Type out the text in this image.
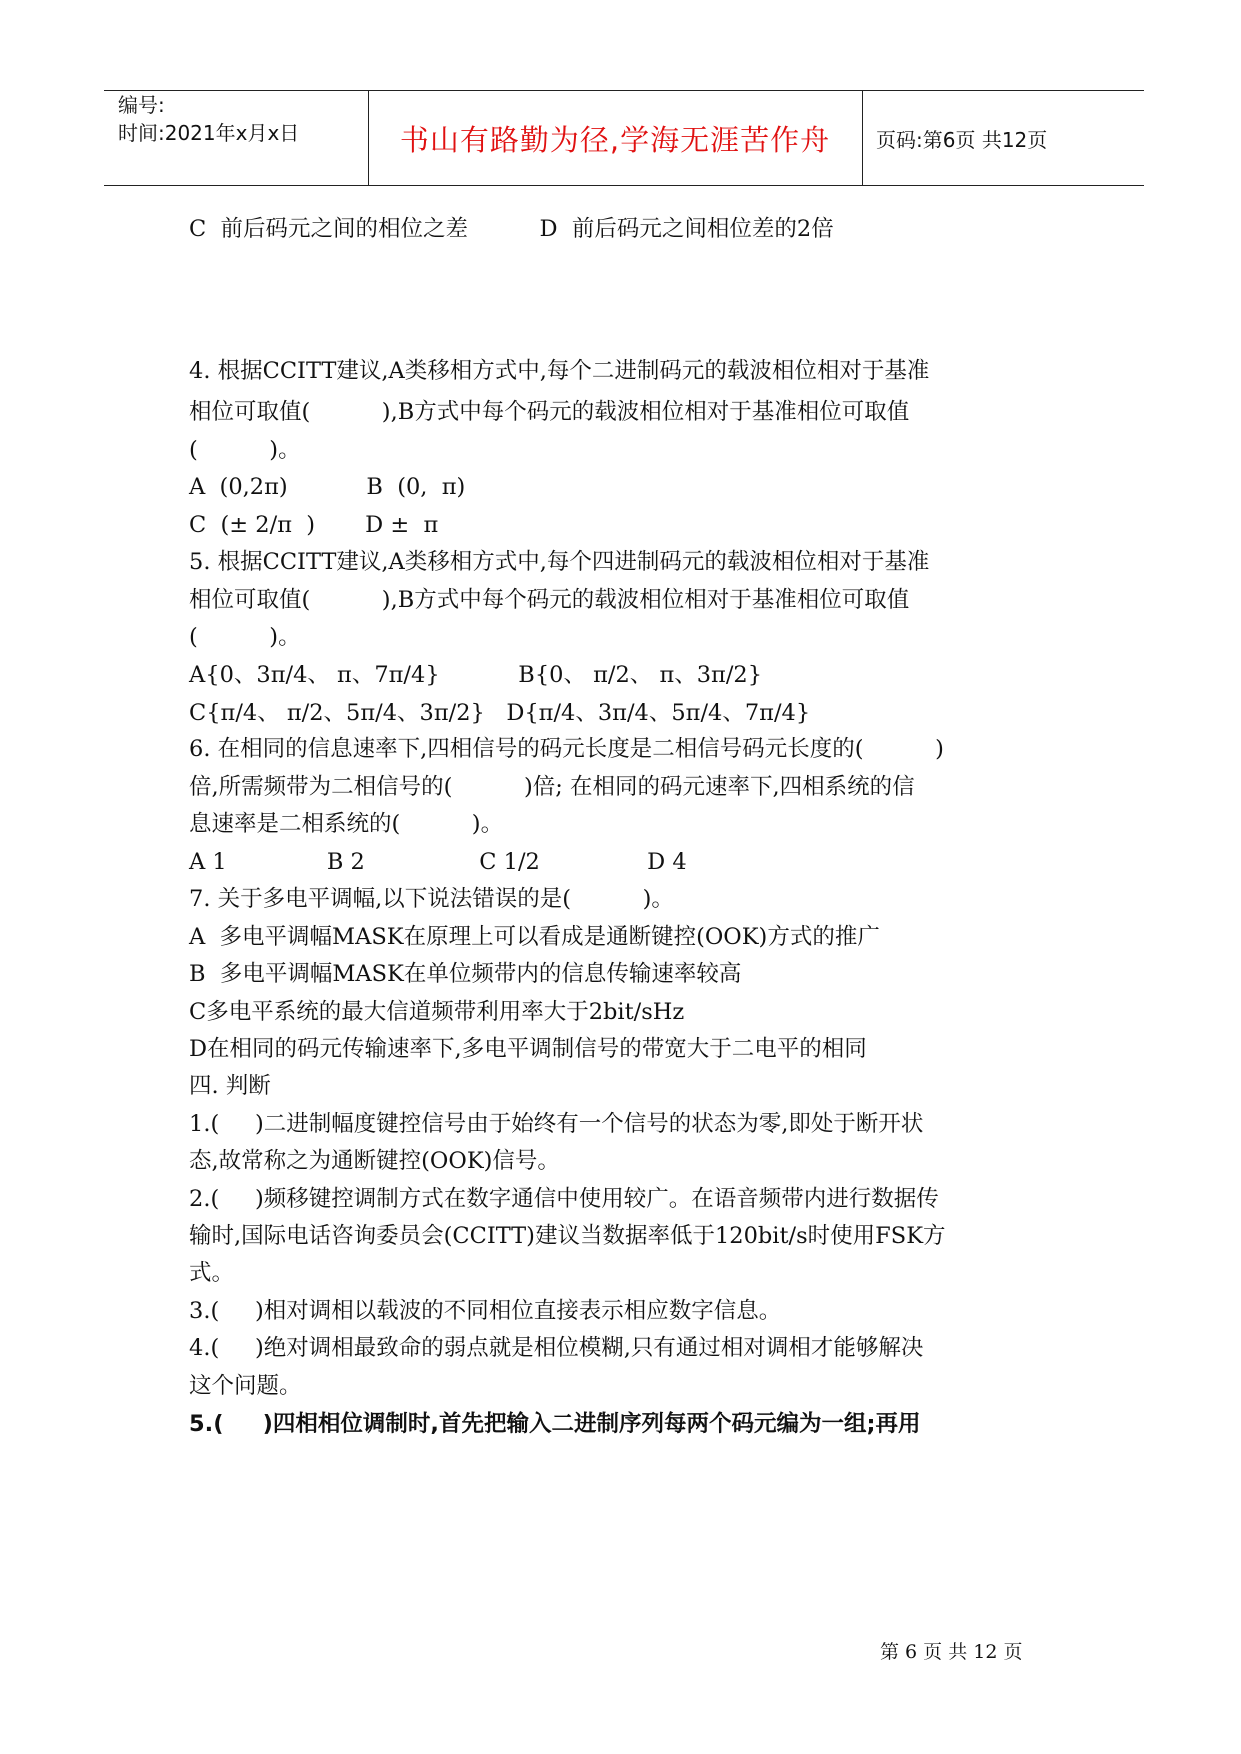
编号:
时间:2021年x月x日	书山有路勤为径,学海无涯苦作舟 页码:第6页 共12页
C  前后码元之间的相位之差          D  前后码元之间相位差的2倍
4. 根据CCITT建议,A类移相方式中,每个二进制码元的载波相位相对于基准
相位可取值(          ),B方式中每个码元的载波相位相对于基准相位可取值
(          )。
A  (0,2π)           B  (0,  π)
C  (± 2/π  )       D ±  π
5. 根据CCITT建议,A类移相方式中,每个四进制码元的载波相位相对于基准
相位可取值(          ),B方式中每个码元的载波相位相对于基准相位可取值
(          )。
A{0、3π/4、 π、7π/4}           B{0、 π/2、 π、3π/2}
C{π/4、 π/2、5π/4、3π/2}   D{π/4、3π/4、5π/4、7π/4}
6. 在相同的信息速率下,四相信号的码元长度是二相信号码元长度的(          )
倍,所需频带为二相信号的(          )倍; 在相同的码元速率下,四相系统的信
息速率是二相系统的(          )。
A 1              B 2                C 1/2               D 4
7. 关于多电平调幅,以下说法错误的是(          )。
A  多电平调幅MASK在原理上可以看成是通断键控(OOK)方式的推广
B  多电平调幅MASK在单位频带内的信息传输速率较高
C多电平系统的最大信道频带利用率大于2bit/sHz
D在相同的码元传输速率下,多电平调制信号的带宽大于二电平的相同
四. 判断
1.(     )二进制幅度键控信号由于始终有一个信号的状态为零,即处于断开状
态,故常称之为通断键控(OOK)信号。
2.(     )频移键控调制方式在数字通信中使用较广。在语音频带内进行数据传
输时,国际电话咨询委员会(CCITT)建议当数据率低于120bit/s时使用FSK方
式。
3.(     )相对调相以载波的不同相位直接表示相应数字信息。
4.(     )绝对调相最致命的弱点就是相位模糊,只有通过相对调相才能够解决
这个问题。
5.(     )四相相位调制时,首先把输入二进制序列每两个码元编为一组;再用
第 6 页 共 12 页
